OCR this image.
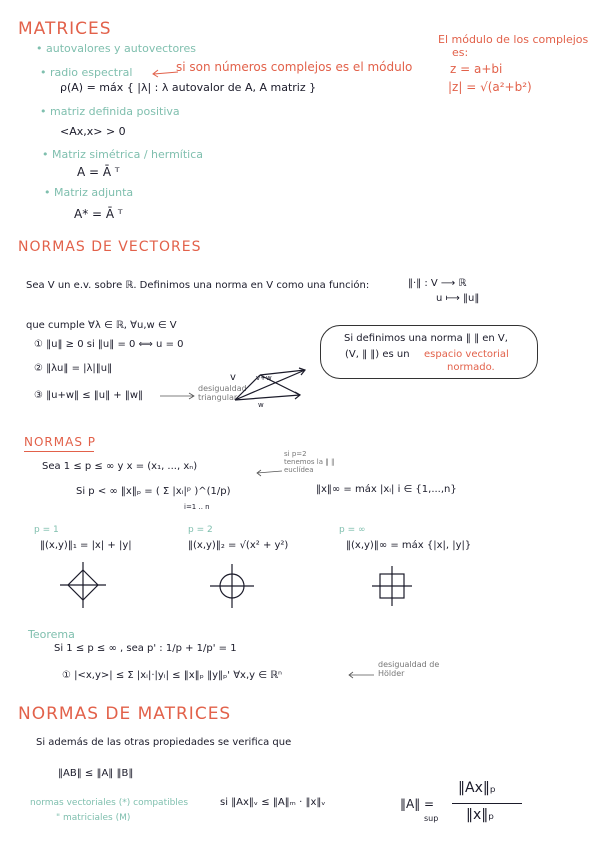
MATRICES
• autovalores y autovectores
• radio espectral	si son números complejos es el módulo
ρ(A) = máx { |λ| : λ autovalor de A, A matriz }
• matriz definida positiva
<Ax,x> > 0
• Matriz simétrica / hermítica
A = Ā ᵀ
• Matriz adjunta
A* = Ā ᵀ
El módulo de los complejos
es:
z = a+bi
|z| = √(a²+b²)
NORMAS DE VECTORES
Sea V un e.v. sobre ℝ. Definimos una norma en V como una función:	‖·‖ : V ⟶ ℝ
u ⟼ ‖u‖
que cumple ∀λ ∈ ℝ, ∀u,w ∈ V
① ‖u‖ ≥ 0 si ‖u‖ = 0 ⟺ u = 0
② ‖λu‖ = |λ|‖u‖
③ ‖u+w‖ ≤ ‖u‖ + ‖w‖
desigualdad triangular
v	v+w
w
Si definimos una norma ‖ ‖ en V,
(V, ‖ ‖) es un espacio vectorial
normado.
NORMAS P
Sea 1 ≤ p ≤ ∞ y x = (x₁, ..., xₙ)
si p=2 tenemos la ‖ ‖ euclídea
Si p < ∞ ‖x‖ₚ = ( Σ |xᵢ|ᵖ )^(1/p)
i=1 .. n
‖x‖∞ = máx |xᵢ| i ∈ {1,...,n}
p = 1
‖(x,y)‖₁ = |x| + |y|
p = 2
‖(x,y)‖₂ = √(x² + y²)
p = ∞
‖(x,y)‖∞ = máx {|x|, |y|}
Teorema
Si 1 ≤ p ≤ ∞ , sea p' : 1/p + 1/p' = 1
① |<x,y>| ≤ Σ |xᵢ|·|yᵢ| ≤ ‖x‖ₚ ‖y‖ₚ' ∀x,y ∈ ℝⁿ
desigualdad de Hölder
NORMAS DE MATRICES
Si además de las otras propiedades se verifica que
‖AB‖ ≤ ‖A‖ ‖B‖
normas vectoriales (*) compatibles
" matriciales (M)
si ‖Ax‖ᵥ ≤ ‖A‖ₘ · ‖x‖ᵥ	‖A‖ =
sup
‖Ax‖ₚ
‖x‖ₚ
